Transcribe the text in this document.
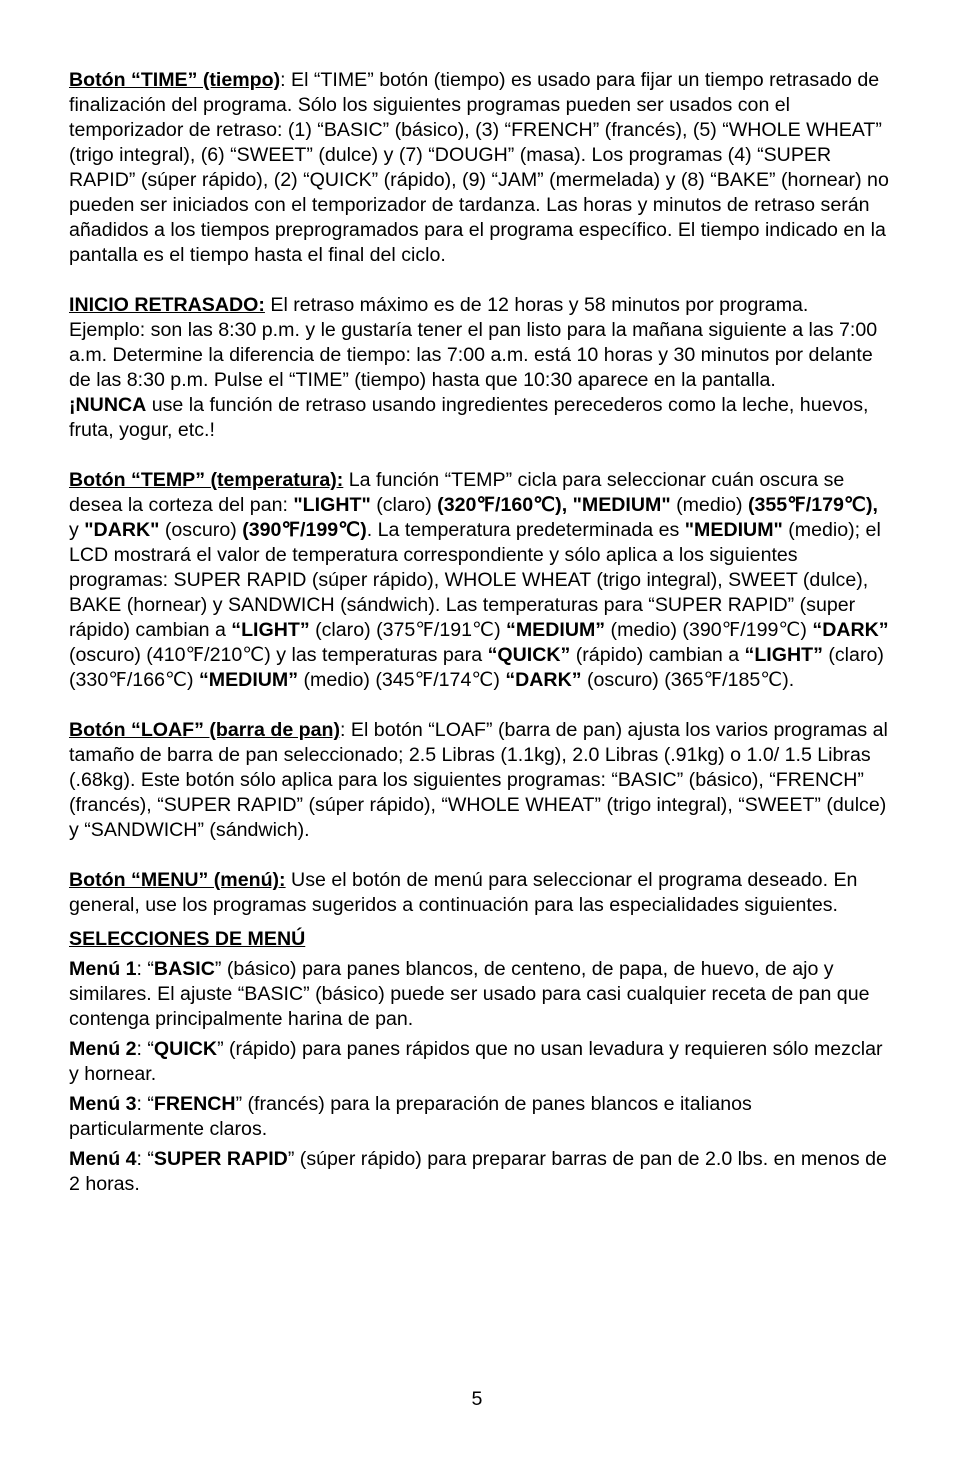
Botón “TIME” (tiempo): El “TIME” botón (tiempo) es usado para fijar un tiempo retrasado de finalización del programa. Sólo los siguientes programas pueden ser usados con el temporizador de retraso: (1) “BASIC” (básico), (3) “FRENCH” (francés), (5) “WHOLE WHEAT” (trigo integral), (6) “SWEET” (dulce) y (7) “DOUGH” (masa). Los programas (4) “SUPER RAPID” (súper rápido), (2) “QUICK” (rápido), (9) “JAM” (mermelada) y (8) “BAKE” (hornear) no pueden ser iniciados con el temporizador de tardanza. Las horas y minutos de retraso serán añadidos a los tiempos preprogramados para el programa específico. El tiempo indicado en la pantalla es el tiempo hasta el final del ciclo.

INICIO RETRASADO: El retraso máximo es de 12 horas y 58 minutos por programa.

Ejemplo: son las 8:30 p.m. y le gustaría tener el pan listo para la mañana siguiente a las 7:00 a.m. Determine la diferencia de tiempo: las 7:00 a.m. está 10 horas y 30 minutos por delante de las 8:30 p.m. Pulse el “TIME” (tiempo) hasta que 10:30 aparece en la pantalla.

¡NUNCA use la función de retraso usando ingredientes perecederos como la leche, huevos, fruta, yogur, etc.!

Botón “TEMP” (temperatura): La función “TEMP” cicla para seleccionar cuán oscura se desea la corteza del pan: "LIGHT" (claro) (320℉/160℃), "MEDIUM" (medio) (355℉/179℃), y "DARK" (oscuro) (390℉/199℃). La temperatura predeterminada es "MEDIUM" (medio); el LCD mostrará el valor de temperatura correspondiente y sólo aplica a los siguientes programas: SUPER RAPID (súper rápido), WHOLE WHEAT (trigo integral), SWEET (dulce), BAKE (hornear) y SANDWICH (sándwich). Las temperaturas para “SUPER RAPID” (super rápido) cambian a “LIGHT” (claro) (375℉/191℃) “MEDIUM” (medio) (390℉/199℃) “DARK” (oscuro) (410℉/210℃) y las temperaturas para “QUICK” (rápido) cambian a “LIGHT” (claro) (330℉/166℃) “MEDIUM” (medio) (345℉/174℃) “DARK” (oscuro) (365℉/185℃).

Botón “LOAF” (barra de pan): El botón “LOAF” (barra de pan) ajusta los varios programas al tamaño de barra de pan seleccionado; 2.5 Libras (1.1kg), 2.0 Libras (.91kg) o 1.0/ 1.5 Libras (.68kg). Este botón sólo aplica para los siguientes programas: “BASIC” (básico), “FRENCH” (francés), “SUPER RAPID” (súper rápido), “WHOLE WHEAT” (trigo integral), “SWEET” (dulce) y “SANDWICH” (sándwich).

Botón “MENU” (menú): Use el botón de menú para seleccionar el programa deseado. En general, use los programas sugeridos a continuación para las especialidades siguientes.

SELECCIONES DE MENÚ

Menú 1: “BASIC” (básico) para panes blancos, de centeno, de papa, de huevo, de ajo y similares. El ajuste “BASIC” (básico) puede ser usado para casi cualquier receta de pan que contenga principalmente harina de pan.

Menú 2: “QUICK” (rápido) para panes rápidos que no usan levadura y requieren sólo mezclar y hornear.

Menú 3: “FRENCH” (francés) para la preparación de panes blancos e italianos particularmente claros.

Menú 4: “SUPER RAPID” (súper rápido) para preparar barras de pan de 2.0 lbs. en menos de 2 horas.

5
